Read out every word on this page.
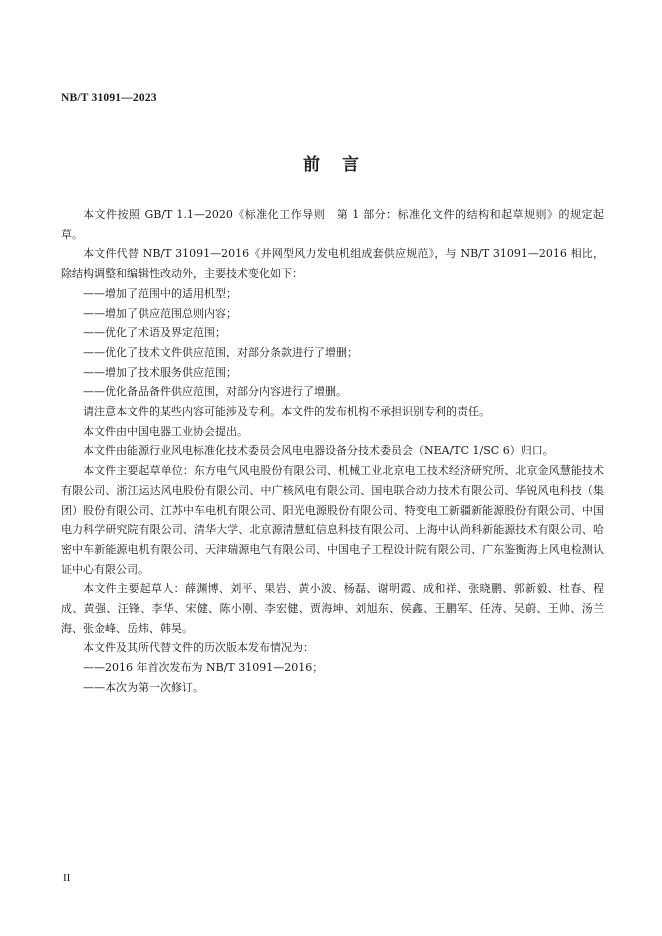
NB/T 31091—2023
前言

本文件按照 GB/T 1.1—2020《标准化工作导则　第 1 部分：标准化文件的结构和起草规则》的规定起草。

本文件代替 NB/T 31091—2016《并网型风力发电机组成套供应规范》，与 NB/T 31091—2016 相比，除结构调整和编辑性改动外，主要技术变化如下：

——增加了范围中的适用机型；

——增加了供应范围总则内容；

——优化了术语及界定范围；

——优化了技术文件供应范围，对部分条款进行了增删；

——增加了技术服务供应范围；

——优化备品备件供应范围，对部分内容进行了增删。

请注意本文件的某些内容可能涉及专利。本文件的发布机构不承担识别专利的责任。

本文件由中国电器工业协会提出。

本文件由能源行业风电标准化技术委员会风电电器设备分技术委员会（NEA/TC 1/SC 6）归口。

本文件主要起草单位：东方电气风电股份有限公司、机械工业北京电工技术经济研究所、北京金风慧能技术有限公司、浙江运达风电股份有限公司、中广核风电有限公司、国电联合动力技术有限公司、华锐风电科技（集团）股份有限公司、江苏中车电机有限公司、阳光电源股份有限公司、特变电工新疆新能源股份有限公司、中国电力科学研究院有限公司、清华大学、北京源清慧虹信息科技有限公司、上海中认尚科新能源技术有限公司、哈密中车新能源电机有限公司、天津瑞源电气有限公司、中国电子工程设计院有限公司、广东鉴衡海上风电检测认证中心有限公司。

本文件主要起草人：薛渊博、刘平、果岩、黄小波、杨磊、谢明霞、成和祥、张晓鹏、郭新毅、杜春、程成、黄强、汪锋、李华、宋健、陈小刚、李宏健、贾海坤、刘旭东、侯鑫、王鹏军、任涛、吴蔚、王帅、汤兰海、张金峰、岳炜、韩昊。

本文件及其所代替文件的历次版本发布情况为：

——2016 年首次发布为 NB/T 31091—2016；

——本次为第一次修订。

II
